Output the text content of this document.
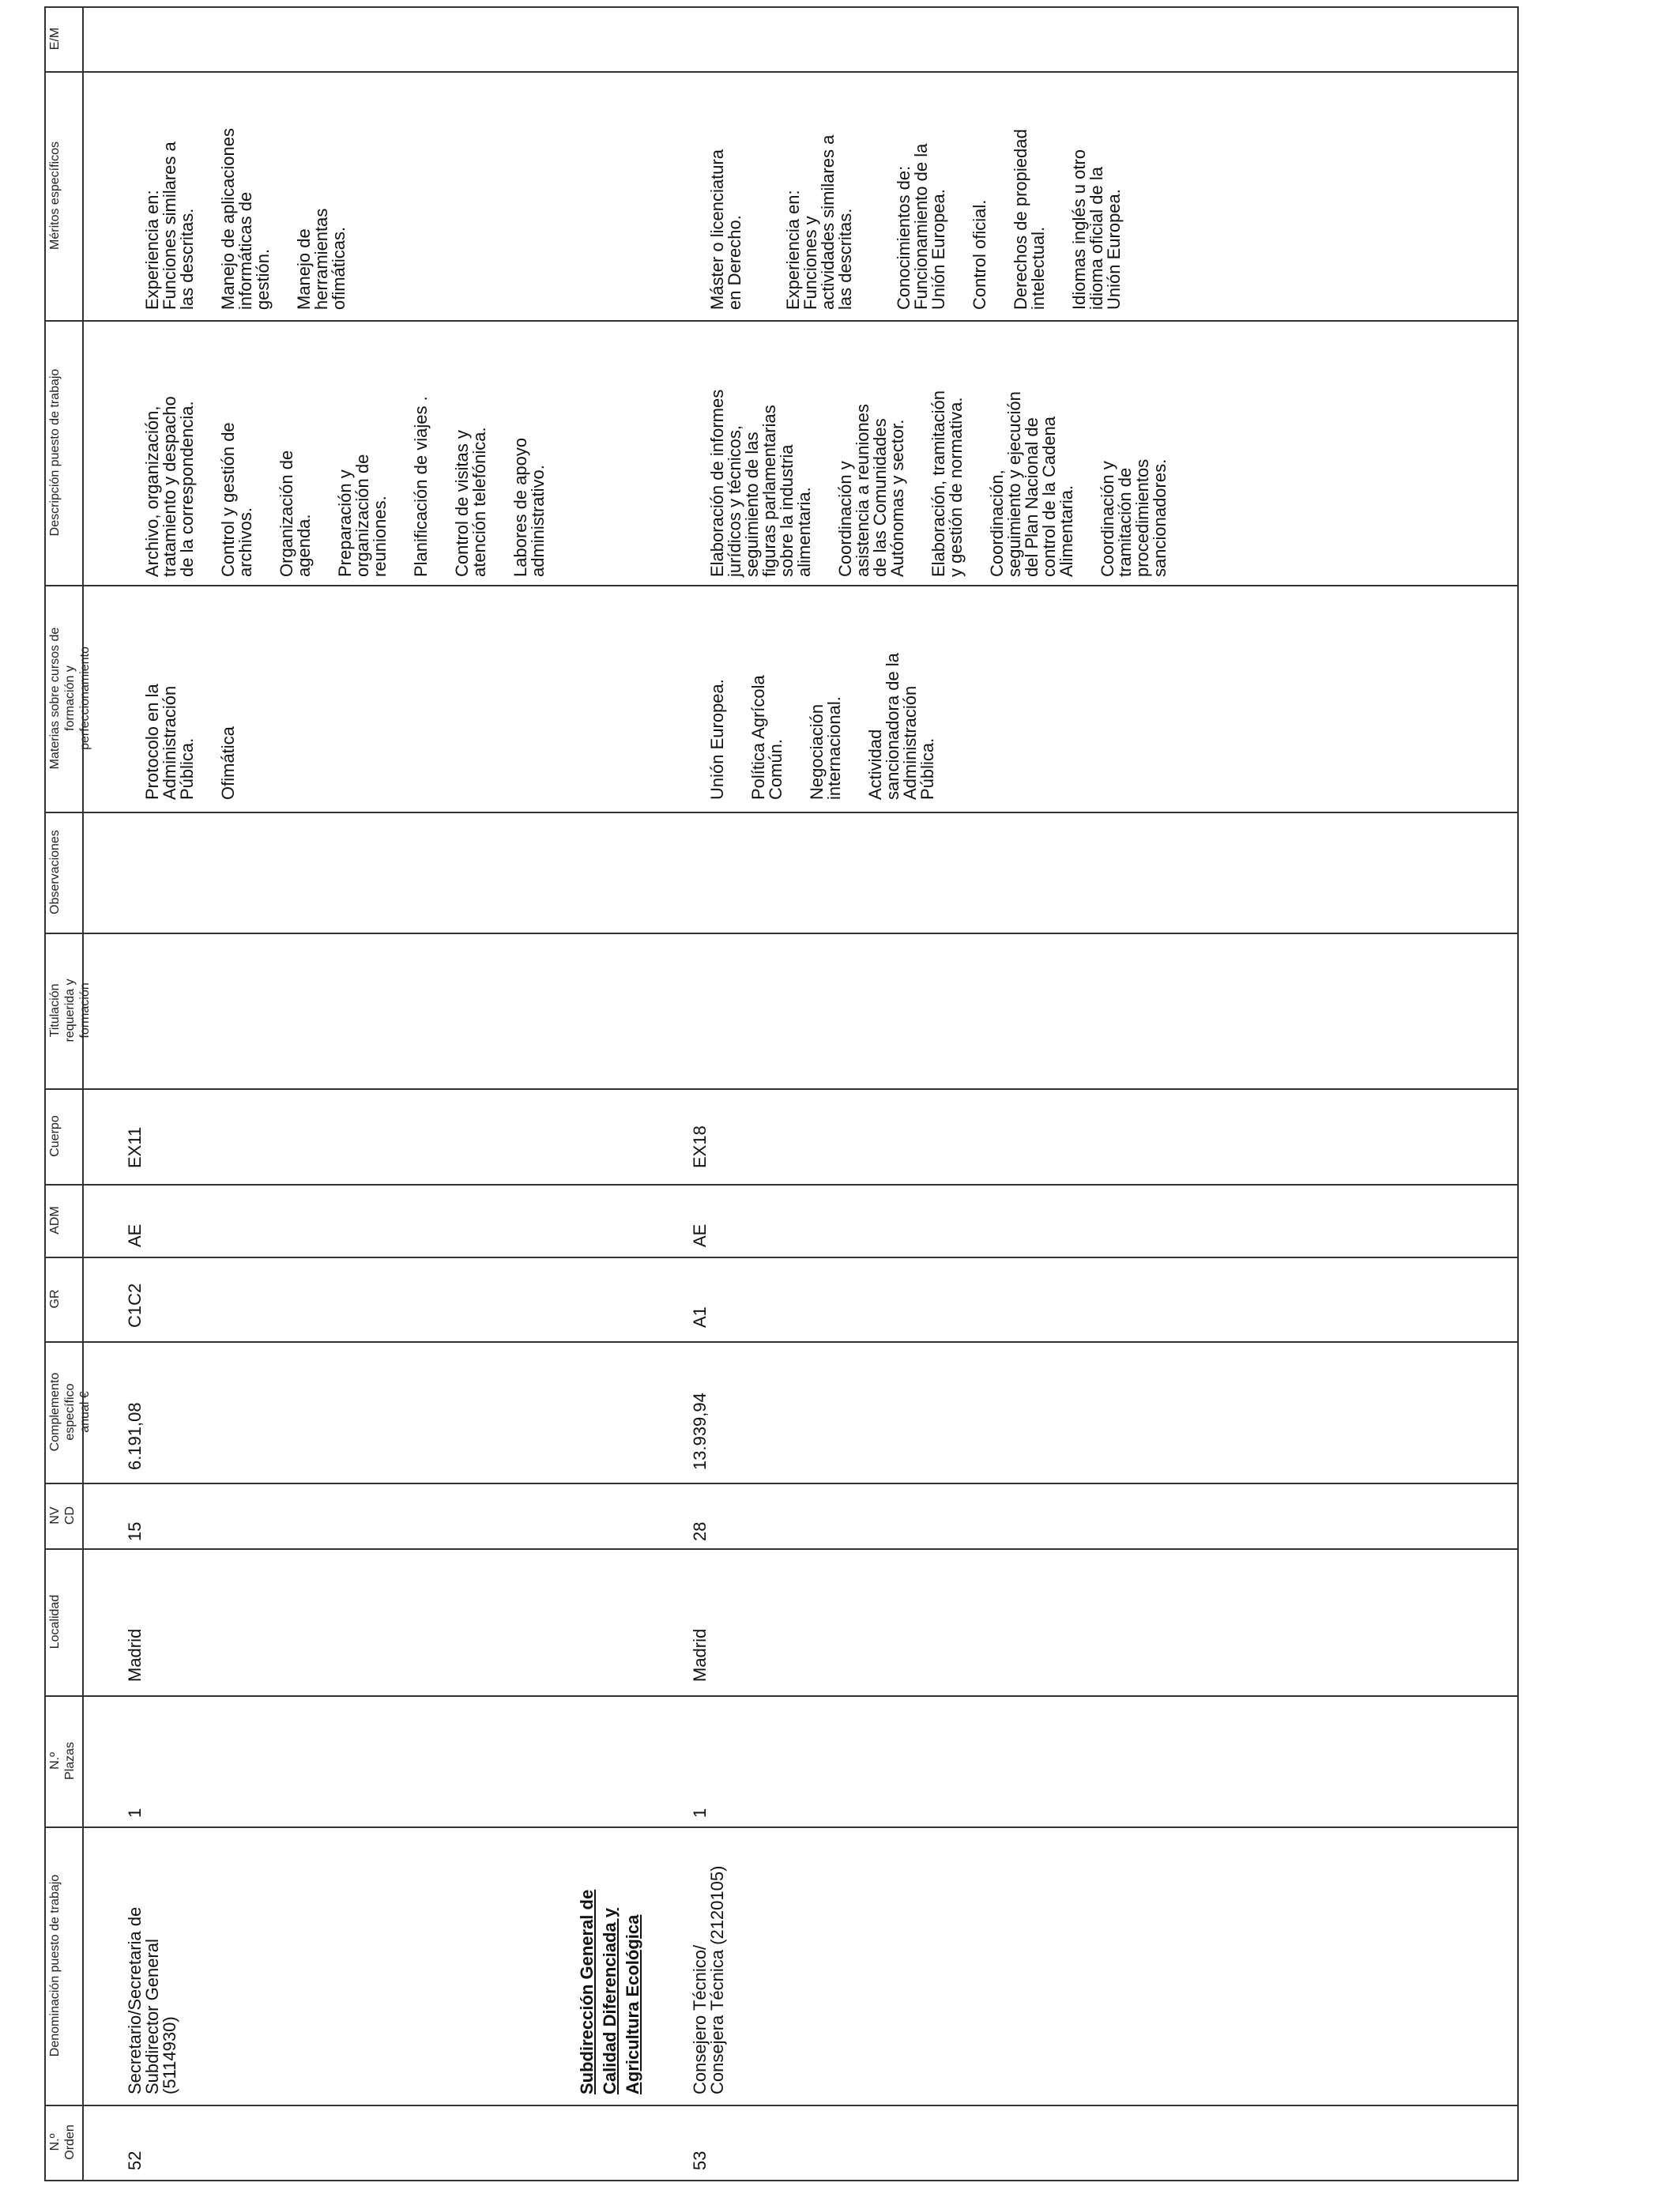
E/M
Méritos específicos
Descripción puesto de trabajo
Materias sobre cursos de
formación y
perfeccionamiento
Observaciones
Titulación
requerida y
formación
Cuerpo
ADM
GR
Complemento
específico
anual €
NV
CD
Localidad
N.º
Plazas
Denominación puesto de trabajo
N.º
Orden
52
Secretario/Secretaria de
Subdirector General
(5114930)
1
Madrid
15
6.191,08
C1C2
AE
EX11

Protocolo en la
Administración
Pública. Ofimática

Archivo, organización,
tratamiento y despacho
de la correspondencia.

Control y gestión de
archivos. Organización de
agenda. Preparación y
organización de
reuniones. Planificación de viajes . Control de visitas y
atención telefónica.

Labores de apoyo
administrativo.

Experiencia en:
Funciones similares a
las descritas. Manejo de aplicaciones
informáticas de
gestión. Manejo de
herramientas
ofimáticas.

Subdirección General de Calidad Diferenciada y Agricultura Ecológica
53
Consejero Técnico/
Consejera Técnica (2120105)
1
Madrid
28
13.939,94
A1
AE
EX18

Unión Europea. Política Agrícola
Común. Negociación
internacional. Actividad
sancionadora de la
Administración
Pública.

Elaboración de informes
jurídicos y técnicos,
seguimiento de las
figuras parlamentarias
sobre la industria
alimentaria. Coordinación y
asistencia a reuniones
de las Comunidades
Autónomas y sector.

Elaboración, tramitación
y gestión de normativa.

Coordinación,
seguimiento y ejecución
del Plan Nacional de
control de la Cadena
Alimentaria. Coordinación y
tramitación de
procedimientos
sancionadores.

Máster o licenciatura
en Derecho. Experiencia en:
Funciones y
actividades similares a
las descritas. Conocimientos de:
Funcionamiento de la
Unión Europea. Control oficial. Derechos de propiedad
intelectual. Idiomas inglés u otro
idioma oficial de la
Unión Europea.
